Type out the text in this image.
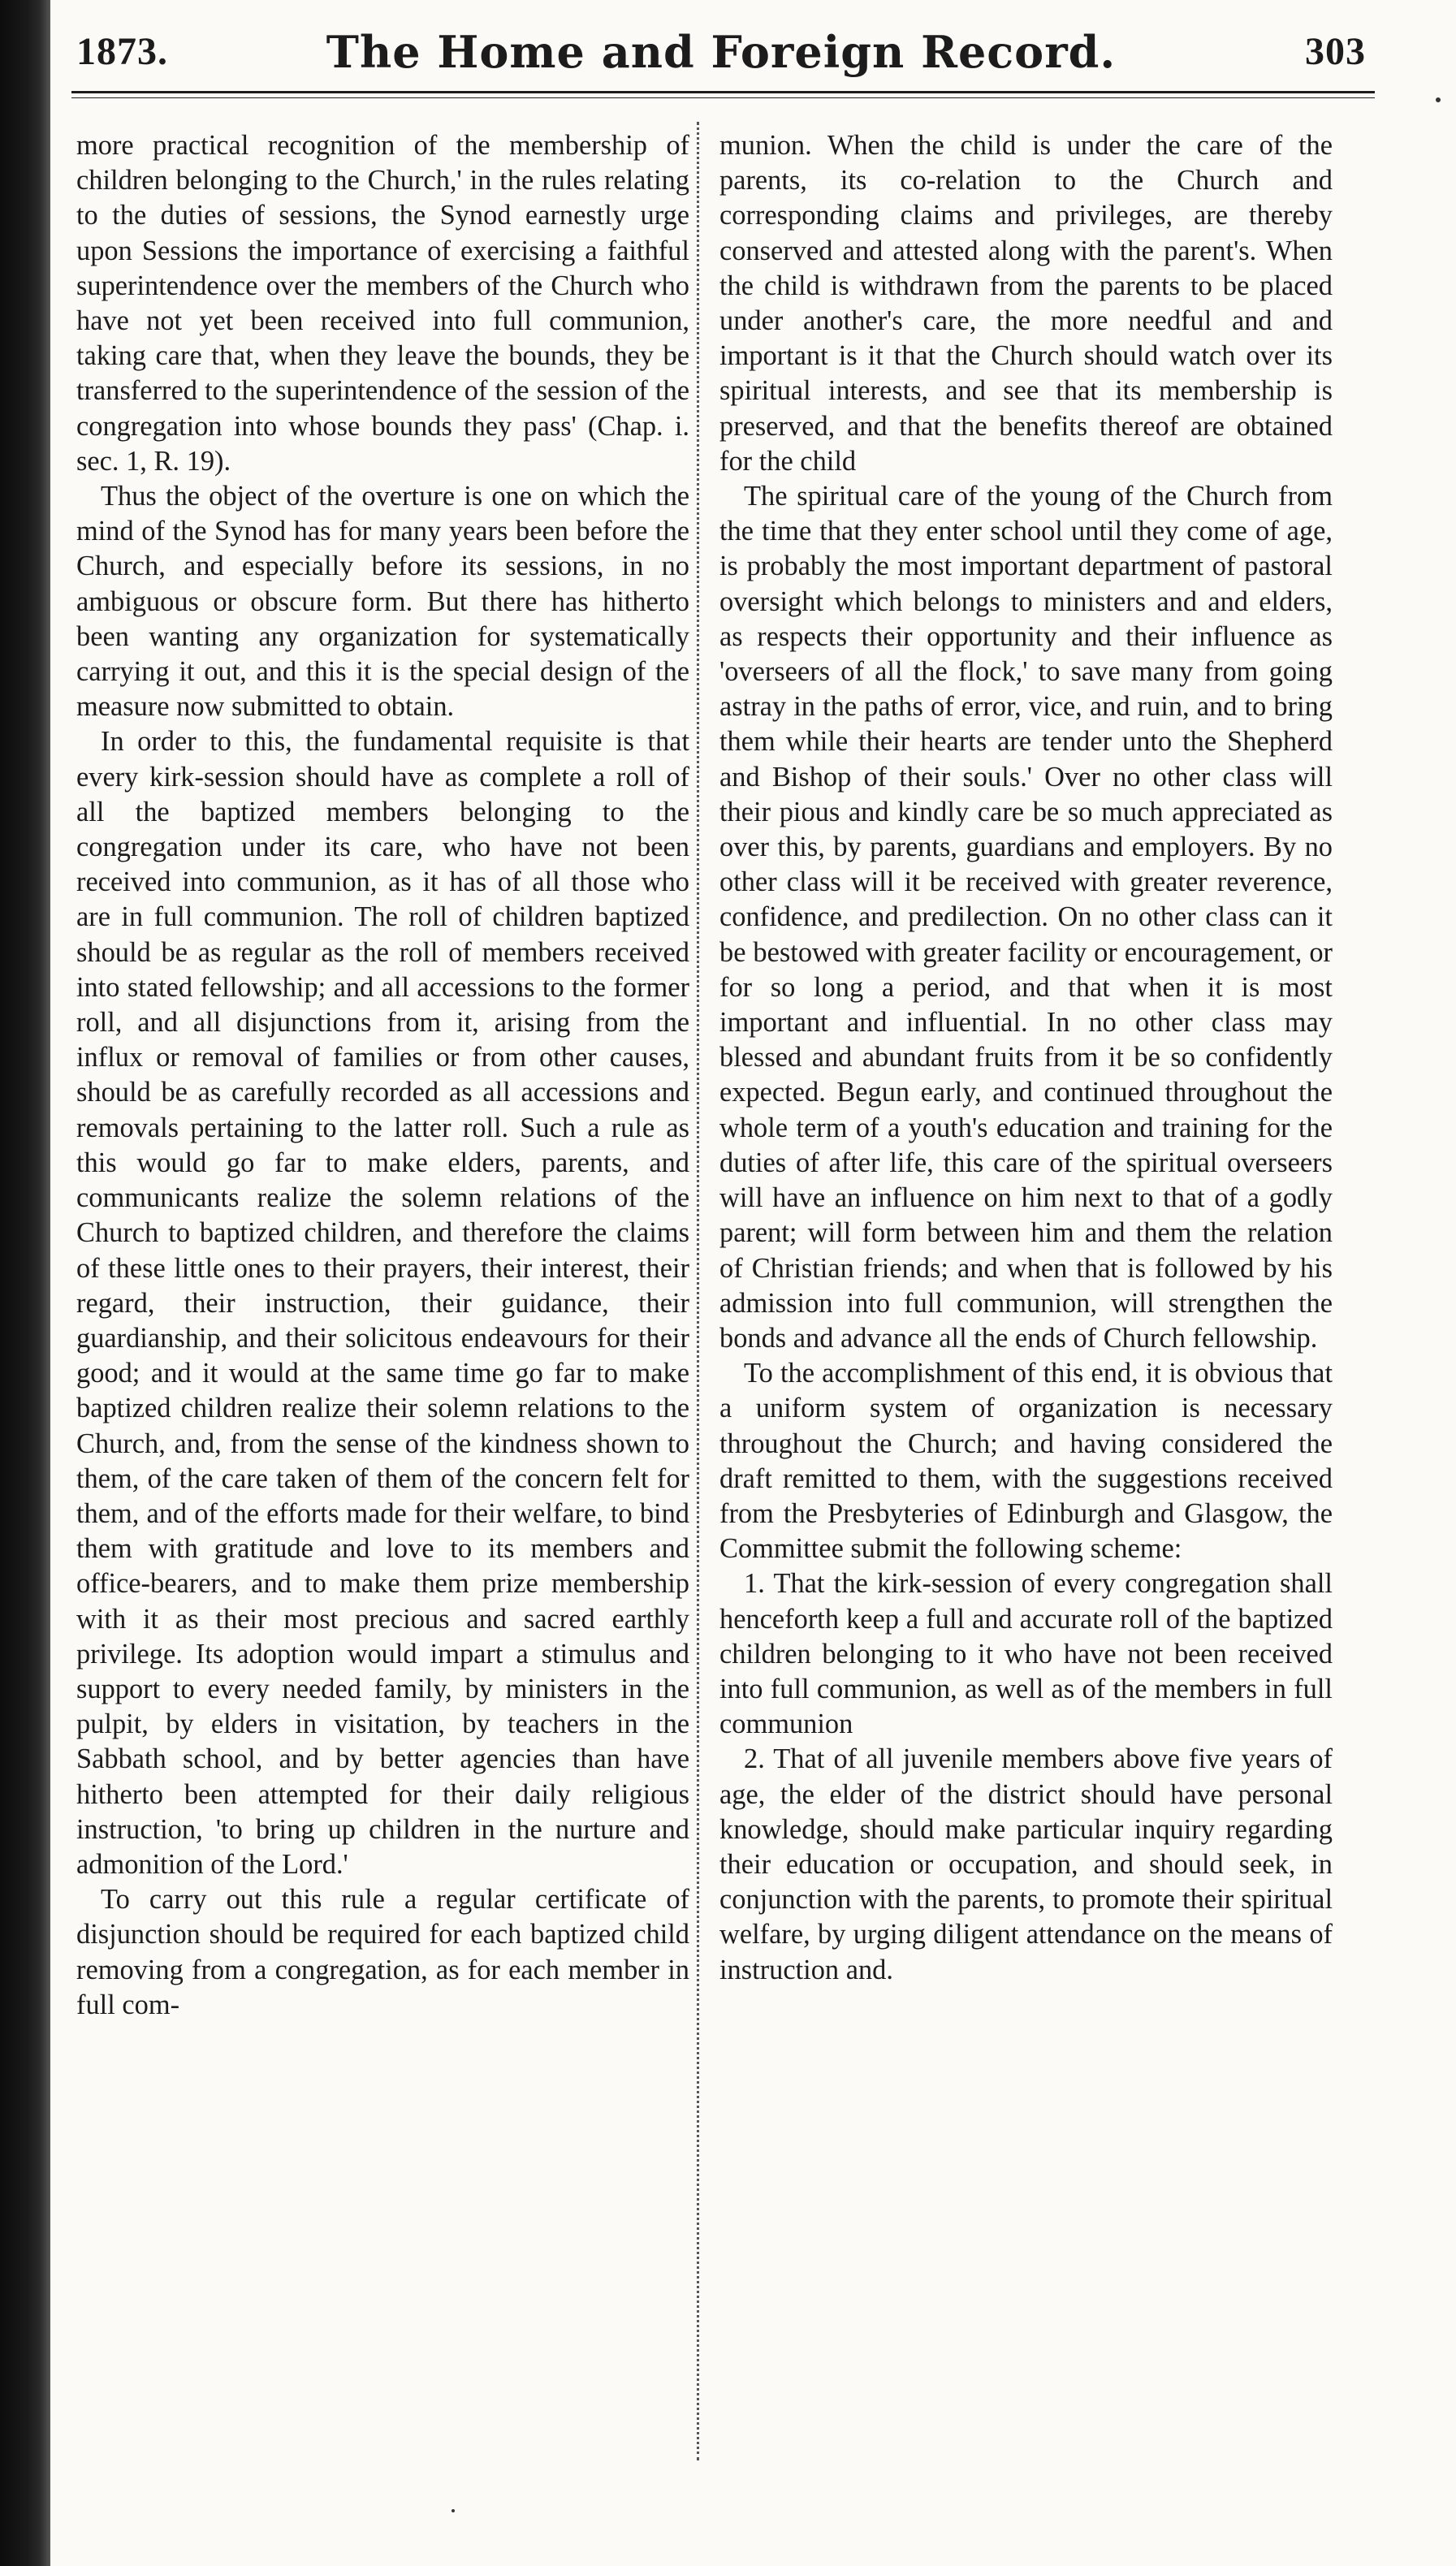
1873.	The Home and Foreign Record.	303

more practical recognition of the membership of children belonging to the Church,' in the rules relating to the duties of sessions, the Synod earnestly urge upon Sessions the importance of exercising a faithful superintendence over the members of the Church who have not yet been received into full communion, taking care that, when they leave the bounds, they be transferred to the superintendence of the session of the congregation into whose bounds they pass' (Chap. i. sec. 1, R. 19).

Thus the object of the overture is one on which the mind of the Synod has for many years been before the Church, and especially before its sessions, in no ambiguous or obscure form. But there has hitherto been wanting any organization for systematically carrying it out, and this it is the special design of the measure now submitted to obtain.

In order to this, the fundamental requisite is that every kirk-session should have as complete a roll of all the baptized members belonging to the congregation under its care, who have not been received into communion, as it has of all those who are in full communion. The roll of children baptized should be as regular as the roll of members received into stated fellowship; and all accessions to the former roll, and all disjunctions from it, arising from the influx or removal of families or from other causes, should be as carefully recorded as all accessions and removals pertaining to the latter roll. Such a rule as this would go far to make elders, parents, and communicants realize the solemn relations of the Church to baptized children, and therefore the claims of these little ones to their prayers, their interest, their regard, their instruction, their guidance, their guardianship, and their solicitous endeavours for their good; and it would at the same time go far to make baptized children realize their solemn relations to the Church, and, from the sense of the kindness shown to them, of the care taken of them of the concern felt for them, and of the efforts made for their welfare, to bind them with gratitude and love to its members and office-bearers, and to make them prize membership with it as their most precious and sacred earthly privilege. Its adoption would impart a stimulus and support to every needed family, by ministers in the pulpit, by elders in visitation, by teachers in the Sabbath school, and by better agencies than have hitherto been attempted for their daily religious instruction, 'to bring up children in the nurture and admonition of the Lord.'

To carry out this rule a regular certificate of disjunction should be required for each baptized child removing from a congregation, as for each member in full com-

munion. When the child is under the care of the parents, its co-relation to the Church and corresponding claims and privileges, are thereby conserved and attested along with the parent's. When the child is withdrawn from the parents to be placed under another's care, the more needful and and important is it that the Church should watch over its spiritual interests, and see that its membership is preserved, and that the benefits thereof are obtained for the child

The spiritual care of the young of the Church from the time that they enter school until they come of age, is probably the most important department of pastoral oversight which belongs to ministers and and elders, as respects their opportunity and their influence as 'overseers of all the flock,' to save many from going astray in the paths of error, vice, and ruin, and to bring them while their hearts are tender unto the Shepherd and Bishop of their souls.' Over no other class will their pious and kindly care be so much appreciated as over this, by parents, guardians and employers. By no other class will it be received with greater reverence, confidence, and predilection. On no other class can it be bestowed with greater facility or encouragement, or for so long a period, and that when it is most important and influential. In no other class may blessed and abundant fruits from it be so confidently expected. Begun early, and continued throughout the whole term of a youth's education and training for the duties of after life, this care of the spiritual overseers will have an influence on him next to that of a godly parent; will form between him and them the relation of Christian friends; and when that is followed by his admission into full communion, will strengthen the bonds and advance all the ends of Church fellowship.

To the accomplishment of this end, it is obvious that a uniform system of organization is necessary throughout the Church; and having considered the draft remitted to them, with the suggestions received from the Presbyteries of Edinburgh and Glasgow, the Committee submit the following scheme:

1. That the kirk-session of every congregation shall henceforth keep a full and accurate roll of the baptized children belonging to it who have not been received into full communion, as well as of the members in full communion

2. That of all juvenile members above five years of age, the elder of the district should have personal knowledge, should make particular inquiry regarding their education or occupation, and should seek, in conjunction with the parents, to promote their spiritual welfare, by urging diligent attendance on the means of instruction and.
